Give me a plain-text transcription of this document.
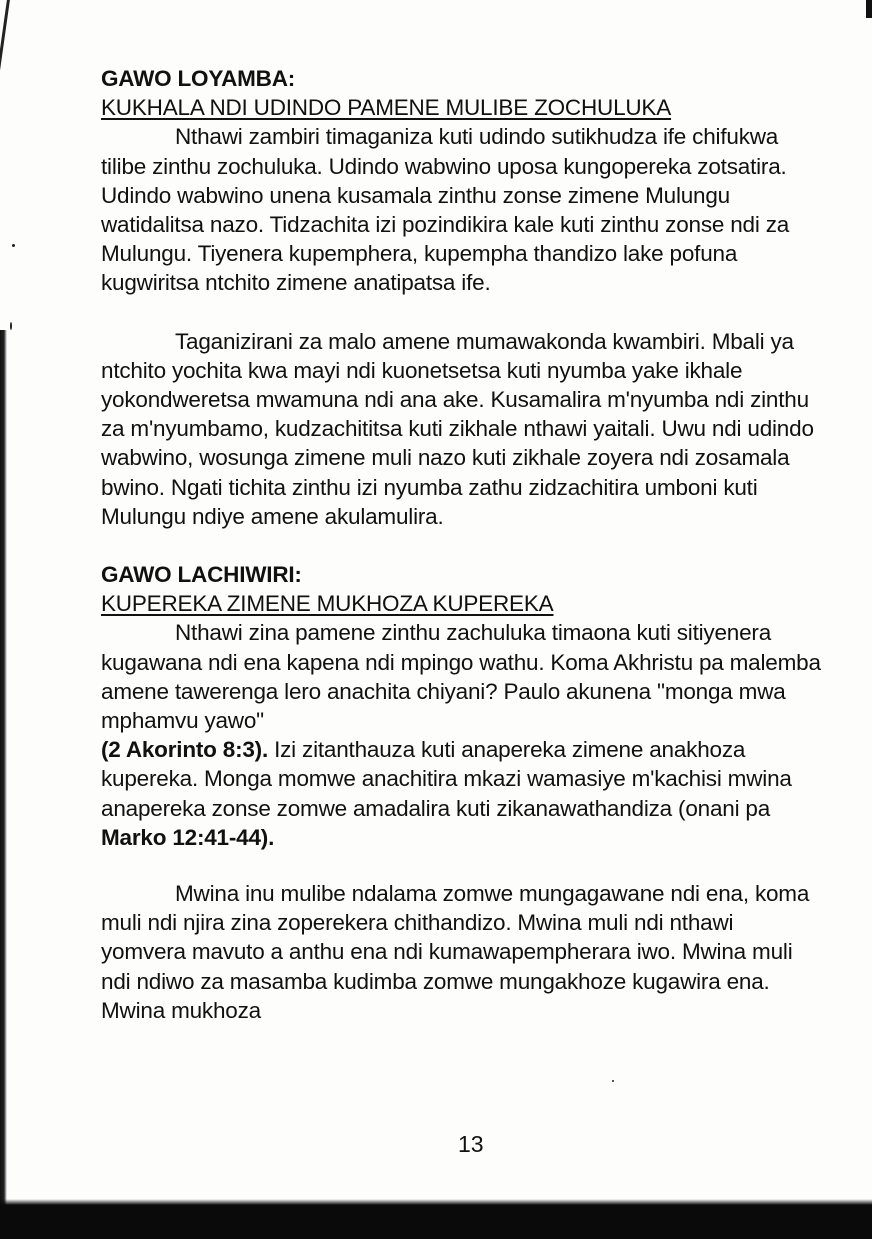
GAWO LOYAMBA:

KUKHALA NDI UDINDO PAMENE MULIBE ZOCHULUKA

Nthawi zambiri timaganiza kuti udindo sutikhudza ife chifukwa tilibe zinthu zochuluka. Udindo wabwino uposa kungopereka zotsatira. Udindo wabwino unena kusamala zinthu zonse zimene Mulungu watidalitsa nazo. Tidzachita izi pozindikira kale kuti zinthu zonse ndi za Mulungu. Tiyenera kupemphera, kupempha thandizo lake pofuna kugwiritsa ntchito zimene anatipatsa ife.

Taganizirani za malo amene mumawakonda kwambiri. Mbali ya ntchito yochita kwa mayi ndi kuonetsetsa kuti nyumba yake ikhale yokondweretsa mwamuna ndi ana ake. Kusamalira m'nyumba ndi zinthu za m'nyumbamo, kudzachititsa kuti zikhale nthawi yaitali. Uwu ndi udindo wabwino, wosunga zimene muli nazo kuti zikhale zoyera ndi zosamala bwino. Ngati tichita zinthu izi nyumba zathu zidzachitira umboni kuti Mulungu ndiye amene akulamulira.

GAWO LACHIWIRI:

KUPEREKA ZIMENE MUKHOZA KUPEREKA

Nthawi zina pamene zinthu zachuluka timaona kuti sitiyenera kugawana ndi ena kapena ndi mpingo wathu. Koma Akhristu pa malemba amene tawerenga lero anachita chiyani? Paulo akunena "monga mwa mphamvu yawo"
(2 Akorinto 8:3). Izi zitanthauza kuti anapereka zimene anakhoza kupereka. Monga momwe anachitira mkazi wamasiye m'kachisi mwina anapereka zonse zomwe amadalira kuti zikanawathandiza (onani pa Marko 12:41-44).

Mwina inu mulibe ndalama zomwe mungagawane ndi ena, koma muli ndi njira zina zoperekera chithandizo. Mwina muli ndi nthawi yomvera mavuto a anthu ena ndi kumawapempherara iwo. Mwina muli ndi ndiwo za masamba kudimba zomwe mungakhoze kugawira ena. Mwina mukhoza

13
